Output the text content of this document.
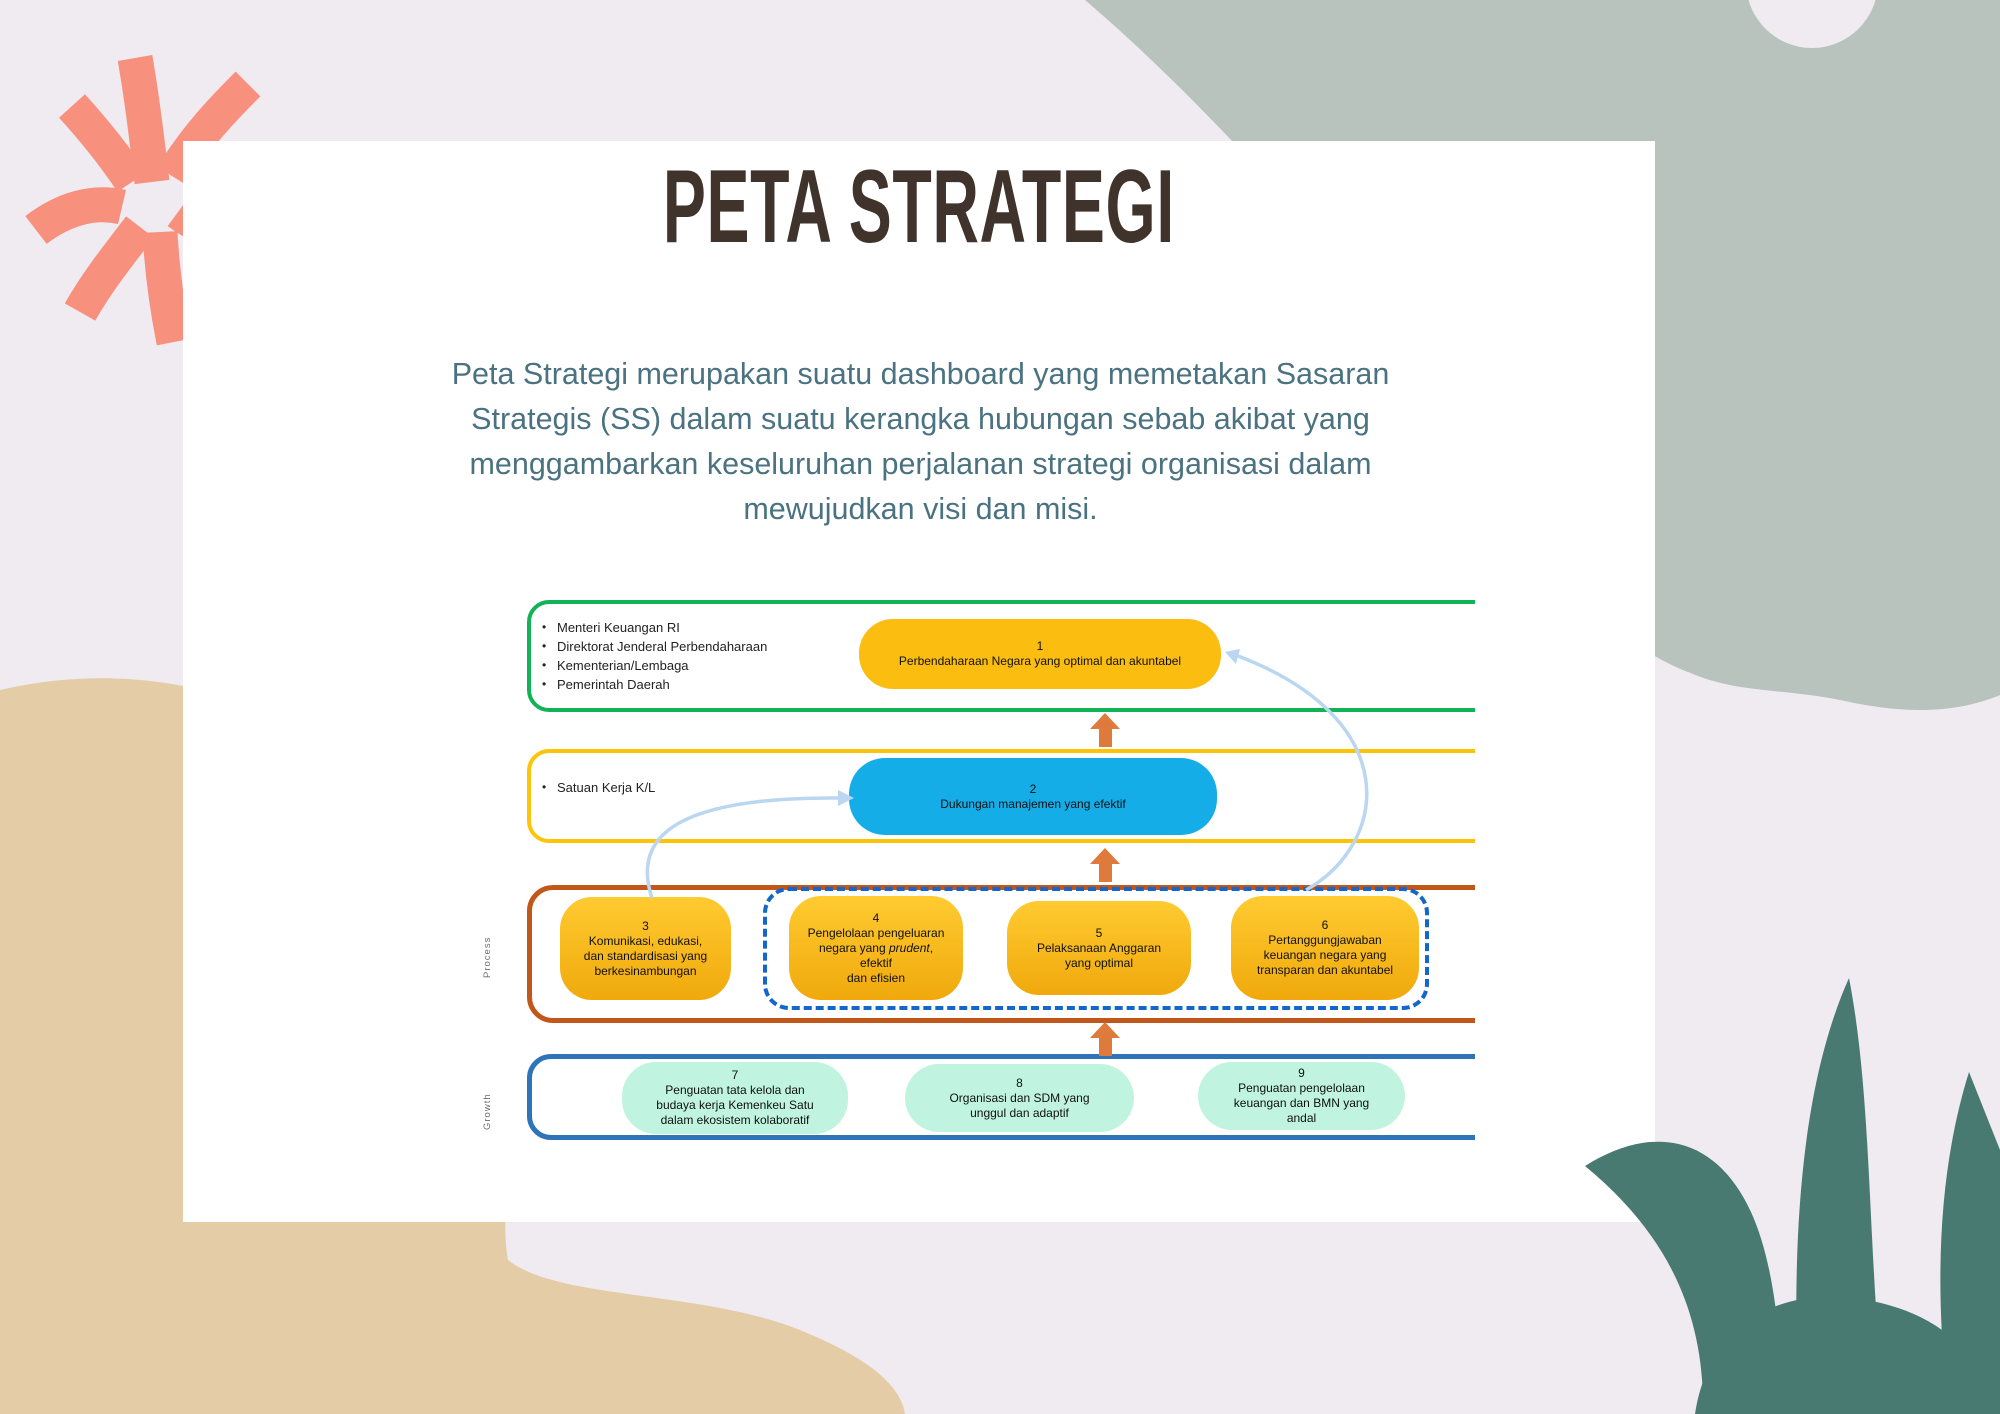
PETA STRATEGI
Peta Strategi merupakan suatu dashboard yang memetakan Sasaran
Strategis (SS) dalam suatu kerangka hubungan sebab akibat yang
menggambarkan keseluruhan perjalanan strategi organisasi dalam
mewujudkan visi dan misi.
• Menteri Keuangan RI
• Direktorat Jenderal Perbendaharaan
• Kementerian/Lembaga
• Pemerintah Daerah
1
Perbendaharaan Negara yang optimal dan akuntabel
• Satuan Kerja K/L	2
Dukungan manajemen yang efektif
Process
3
Komunikasi, edukasi,
dan standardisasi yang
berkesinambungan
4
Pengelolaan pengeluaran
negara yang prudent,
efektif
dan efisien
5
Pelaksanaan Anggaran
yang optimal
6
Pertanggungjawaban
keuangan negara yang
transparan dan akuntabel
Growth
7
Penguatan tata kelola dan
budaya kerja Kemenkeu Satu
dalam ekosistem kolaboratif
8
Organisasi dan SDM yang
unggul dan adaptif
9
Penguatan pengelolaan
keuangan dan BMN yang
andal
